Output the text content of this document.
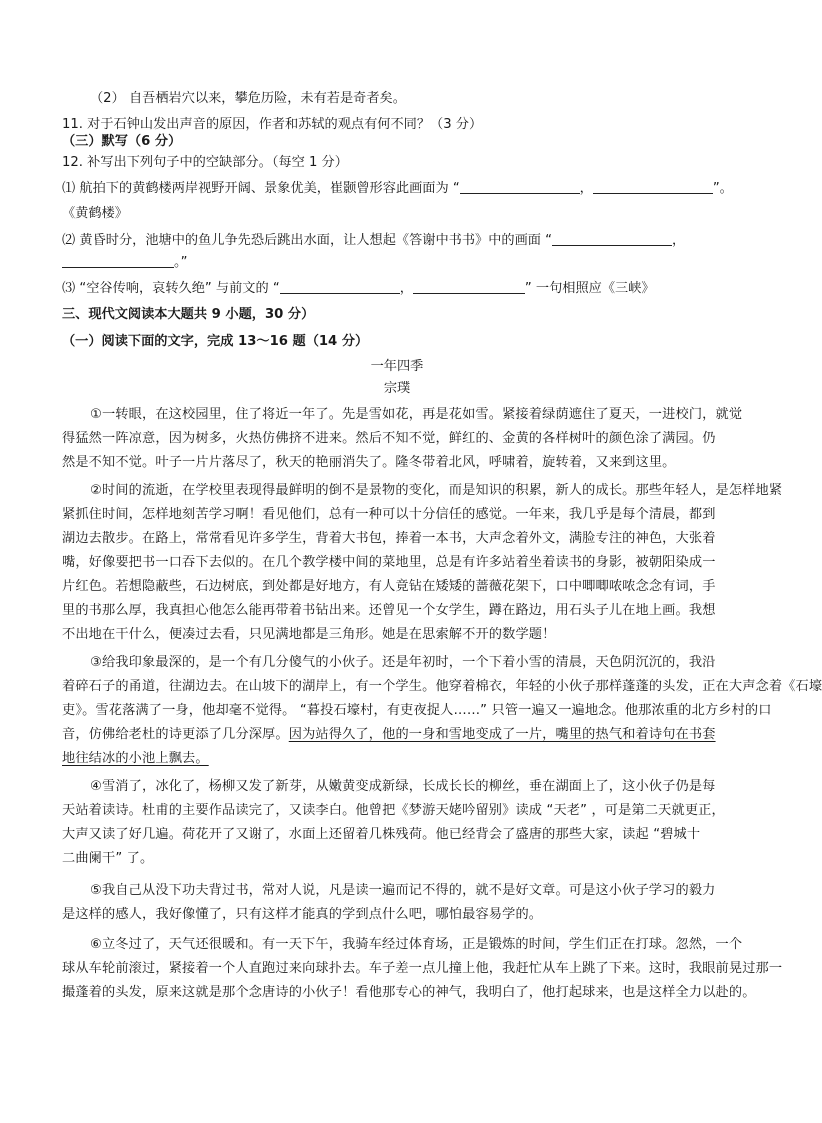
（2） 自吾栖岩穴以来，攀危历险，未有若是奇者矣。
11. 对于石钟山发出声音的原因，作者和苏轼的观点有何不同？（3 分）
（三）默写（6 分）
12. 补写出下列句子中的空缺部分。（每空 1 分）
⑴ 航拍下的黄鹤楼两岸视野开阔、景象优美，崔颢曾形容此画面为 “	，	”。
《黄鹤楼》
⑵ 黄昏时分，池塘中的鱼儿争先恐后跳出水面，让人想起《答谢中书书》中的画面 “	，
。”
⑶ “空谷传响，哀转久绝” 与前文的 “	，	” 一句相照应《三峡》
三、现代文阅读本大题共 9 小题，30 分）
（一）阅读下面的文字，完成 13～16 题（14 分）
一年四季
宗璞
①一转眼，在这校园里，住了将近一年了。先是雪如花，再是花如雪。紧接着绿荫遮住了夏天，一进校门，就觉
得猛然一阵凉意，因为树多，火热仿佛挤不进来。然后不知不觉，鲜红的、金黄的各样树叶的颜色涂了满园。仍
然是不知不觉。叶子一片片落尽了，秋天的艳丽消失了。隆冬带着北风，呼啸着，旋转着，又来到这里。
②时间的流逝，在学校里表现得最鲜明的倒不是景物的变化，而是知识的积累，新人的成长。那些年轻人，是怎样地紧
紧抓住时间，怎样地刻苦学习啊！看见他们，总有一种可以十分信任的感觉。一年来，我几乎是每个清晨，都到
湖边去散步。在路上，常常看见许多学生，背着大书包，捧着一本书，大声念着外文，满脸专注的神色，大张着
嘴，好像要把书一口吞下去似的。在几个教学楼中间的菜地里，总是有许多站着坐着读书的身影，被朝阳染成一
片红色。若想隐蔽些，石边树底，到处都是好地方，有人竟钻在矮矮的蔷薇花架下，口中唧唧哝哝念念有词，手
里的书那么厚，我真担心他怎么能再带着书钻出来。还曾见一个女学生，蹲在路边，用石头子儿在地上画。我想
不出地在干什么，便凑过去看，只见满地都是三角形。她是在思索解不开的数学题！
③给我印象最深的，是一个有几分傻气的小伙子。还是年初时，一个下着小雪的清晨，天色阴沉沉的，我沿
着碎石子的甬道，往湖边去。在山坡下的湖岸上，有一个学生。他穿着棉衣，年轻的小伙子那样蓬蓬的头发，正在大声念着《石壕
吏》。雪花落满了一身，他却毫不觉得。 “暮投石壕村，有吏夜捉人……” 只管一遍又一遍地念。他那浓重的北方乡村的口
音，仿佛给老杜的诗更添了几分深厚。因为站得久了，他的一身和雪地变成了一片，嘴里的热气和着诗句在书套
地往结冰的小池上飘去。
④雪消了，冰化了，杨柳又发了新芽，从嫩黄变成新绿，长成长长的柳丝，垂在湖面上了，这小伙子仍是每
天站着读诗。杜甫的主要作品读完了，又读李白。他曾把《梦游天姥吟留别》读成 “天老” ，可是第二天就更正，
大声又读了好几遍。荷花开了又谢了，水面上还留着几株残荷。他已经背会了盛唐的那些大家，读起 “碧城十
二曲阑干” 了。
⑤我自己从没下功夫背过书，常对人说，凡是读一遍而记不得的，就不是好文章。可是这小伙子学习的毅力
是这样的感人，我好像懂了，只有这样才能真的学到点什么吧，哪怕最容易学的。
⑥立冬过了，天气还很暖和。有一天下午，我骑车经过体育场，正是锻炼的时间，学生们正在打球。忽然，一个
球从车轮前滚过，紧接着一个人直跑过来向球扑去。车子差一点儿撞上他，我赶忙从车上跳了下来。这时，我眼前晃过那一
撮蓬着的头发，原来这就是那个念唐诗的小伙子！看他那专心的神气，我明白了，他打起球来，也是这样全力以赴的。
